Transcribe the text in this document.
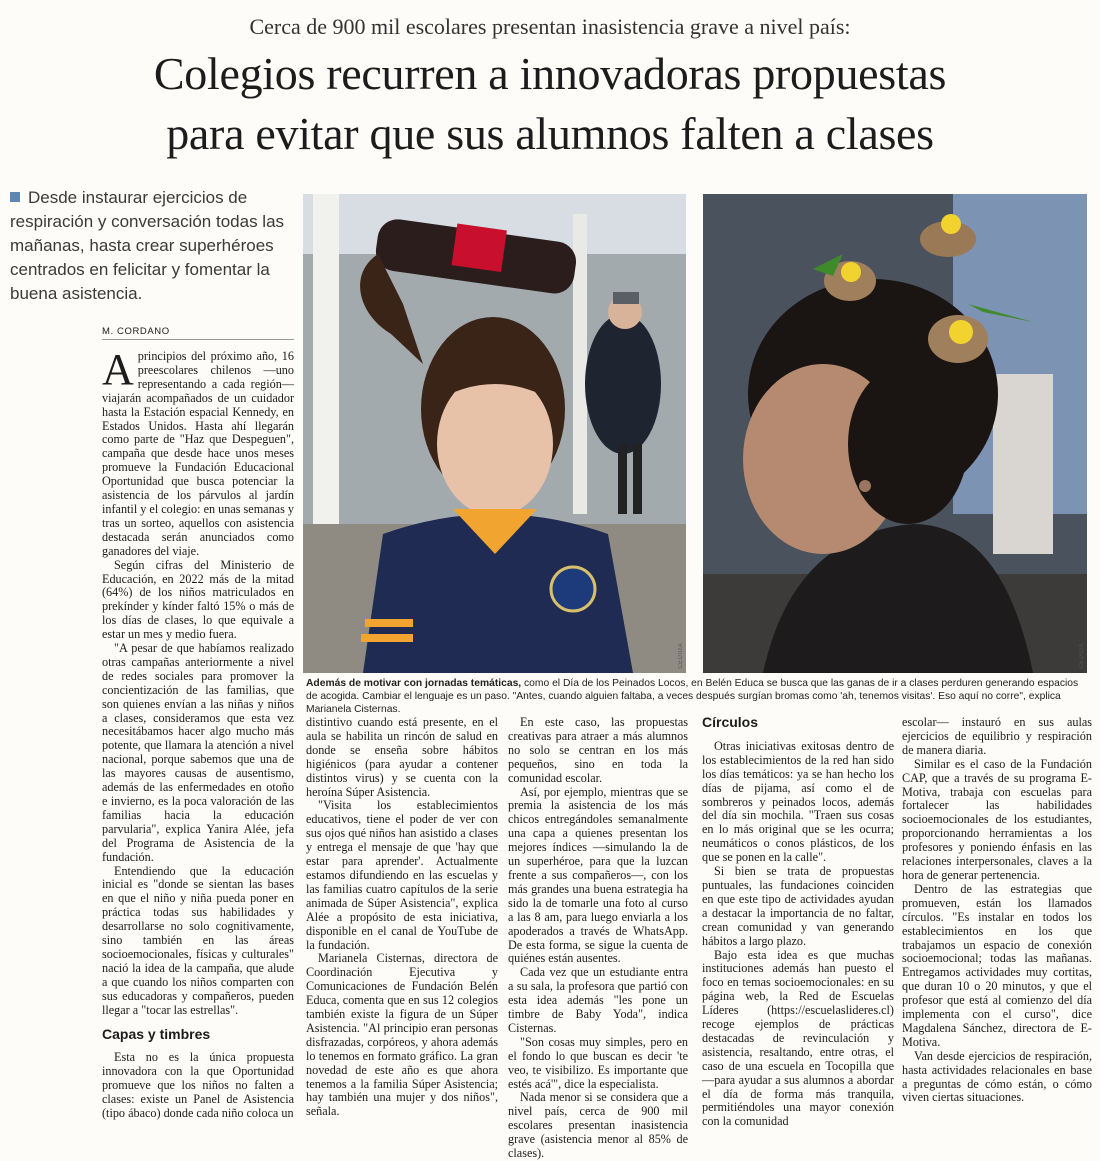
Cerca de 900 mil escolares presentan inasistencia grave a nivel país:
Colegios recurren a innovadoras propuestas
para evitar que sus alumnos falten a clases
Desde instaurar ejercicios de respiración y conversación todas las mañanas, hasta crear superhéroes centrados en felicitar y fomentar la buena asistencia.
M. CORDANO
CEDIDA	CEDIDA
Además de motivar con jornadas temáticas, como el Día de los Peinados Locos, en Belén Educa se busca que las ganas de ir a clases perduren generando espacios de acogida. Cambiar el lenguaje es un paso. "Antes, cuando alguien faltaba, a veces después surgían bromas como 'ah, tenemos visitas'. Eso aquí no corre", explica Marianela Cisternas.

Aprincipios del próximo año, 16 preescolares chilenos —uno representando a cada región— viajarán acompañados de un cuidador hasta la Estación espacial Kennedy, en Estados Unidos. Hasta ahí llegarán como parte de "Haz que Despeguen", campaña que desde hace unos meses promueve la Fundación Educacional Oportunidad que busca potenciar la asistencia de los párvulos al jardín infantil y el colegio: en unas semanas y tras un sorteo, aquellos con asistencia destacada serán anunciados como ganadores del viaje.

Según cifras del Ministerio de Educación, en 2022 más de la mitad (64%) de los niños matriculados en prekínder y kínder faltó 15% o más de los días de clases, lo que equivale a estar un mes y medio fuera.

"A pesar de que habíamos realizado otras campañas anteriormente a nivel de redes sociales para promover la concientización de las familias, que son quienes envían a las niñas y niños a clases, consideramos que esta vez necesitábamos hacer algo mucho más potente, que llamara la atención a nivel nacional, porque sabemos que una de las mayores causas de ausentismo, además de las enfermedades en otoño e invierno, es la poca valoración de las familias hacia la educación parvularia", explica Yanira Alée, jefa del Programa de Asistencia de la fundación.

Entendiendo que la educación inicial es "donde se sientan las bases en que el niño y niña pueda poner en práctica todas sus habilidades y desarrollarse no solo cognitivamente, sino también en las áreas socioemocionales, físicas y culturales" nació la idea de la campaña, que alude a que cuando los niños comparten con sus educadoras y compañeros, pueden llegar a "tocar las estrellas".

Capas y timbres

Esta no es la única propuesta innovadora con la que Oportunidad promueve que los niños no falten a clases: existe un Panel de Asistencia (tipo ábaco) donde cada niño coloca un

distintivo cuando está presente, en el aula se habilita un rincón de salud en donde se enseña sobre hábitos higiénicos (para ayudar a contener distintos virus) y se cuenta con la heroína Súper Asistencia.

"Visita los establecimientos educativos, tiene el poder de ver con sus ojos qué niños han asistido a clases y entrega el mensaje de que 'hay que estar para aprender'. Actualmente estamos difundiendo en las escuelas y las familias cuatro capítulos de la serie animada de Súper Asistencia", explica Alée a propósito de esta iniciativa, disponible en el canal de YouTube de la fundación.

Marianela Cisternas, directora de Coordinación Ejecutiva y Comunicaciones de Fundación Belén Educa, comenta que en sus 12 colegios también existe la figura de un Súper Asistencia. "Al principio eran personas disfrazadas, corpóreos, y ahora además lo tenemos en formato gráfico. La gran novedad de este año es que ahora tenemos a la familia Súper Asistencia; hay también una mujer y dos niños", señala.

En este caso, las propuestas creativas para atraer a más alumnos no solo se centran en los más pequeños, sino en toda la comunidad escolar.

Así, por ejemplo, mientras que se premia la asistencia de los más chicos entregándoles semanalmente una capa a quienes presentan los mejores índices —simulando la de un superhéroe, para que la luzcan frente a sus compañeros—, con los más grandes una buena estrategia ha sido la de tomarle una foto al curso a las 8 am, para luego enviarla a los apoderados a través de WhatsApp. De esta forma, se sigue la cuenta de quiénes están ausentes.

Cada vez que un estudiante entra a su sala, la profesora que partió con esta idea además "les pone un timbre de Baby Yoda", indica Cisternas.

"Son cosas muy simples, pero en el fondo lo que buscan es decir 'te veo, te visibilizo. Es importante que estés acá'", dice la especialista.

Nada menor si se considera que a nivel país, cerca de 900 mil escolares presentan inasistencia grave (asistencia menor al 85% de clases).

Círculos

Otras iniciativas exitosas dentro de los establecimientos de la red han sido los días temáticos: ya se han hecho los días de pijama, así como el de sombreros y peinados locos, además del día sin mochila. "Traen sus cosas en lo más original que se les ocurra; neumáticos o conos plásticos, de los que se ponen en la calle".

Si bien se trata de propuestas puntuales, las fundaciones coinciden en que este tipo de actividades ayudan a destacar la importancia de no faltar, crean comunidad y van generando hábitos a largo plazo.

Bajo esta idea es que muchas instituciones además han puesto el foco en temas socioemocionales: en su página web, la Red de Escuelas Líderes (https://escuelaslideres.cl) recoge ejemplos de prácticas destacadas de revinculación y asistencia, resaltando, entre otras, el caso de una escuela en Tocopilla que —para ayudar a sus alumnos a abordar el día de forma más tranquila, permitiéndoles una mayor conexión con la comunidad

escolar— instauró en sus aulas ejercicios de equilibrio y respiración de manera diaria.

Similar es el caso de la Fundación CAP, que a través de su programa E-Motiva, trabaja con escuelas para fortalecer las habilidades socioemocionales de los estudiantes, proporcionando herramientas a los profesores y poniendo énfasis en las relaciones interpersonales, claves a la hora de generar pertenencia.

Dentro de las estrategias que promueven, están los llamados círculos. "Es instalar en todos los establecimientos en los que trabajamos un espacio de conexión socioemocional; todas las mañanas. Entregamos actividades muy cortitas, que duran 10 o 20 minutos, y que el profesor que está al comienzo del día implementa con el curso", dice Magdalena Sánchez, directora de E-Motiva.

Van desde ejercicios de respiración, hasta actividades relacionales en base a preguntas de cómo están, o cómo viven ciertas situaciones.
